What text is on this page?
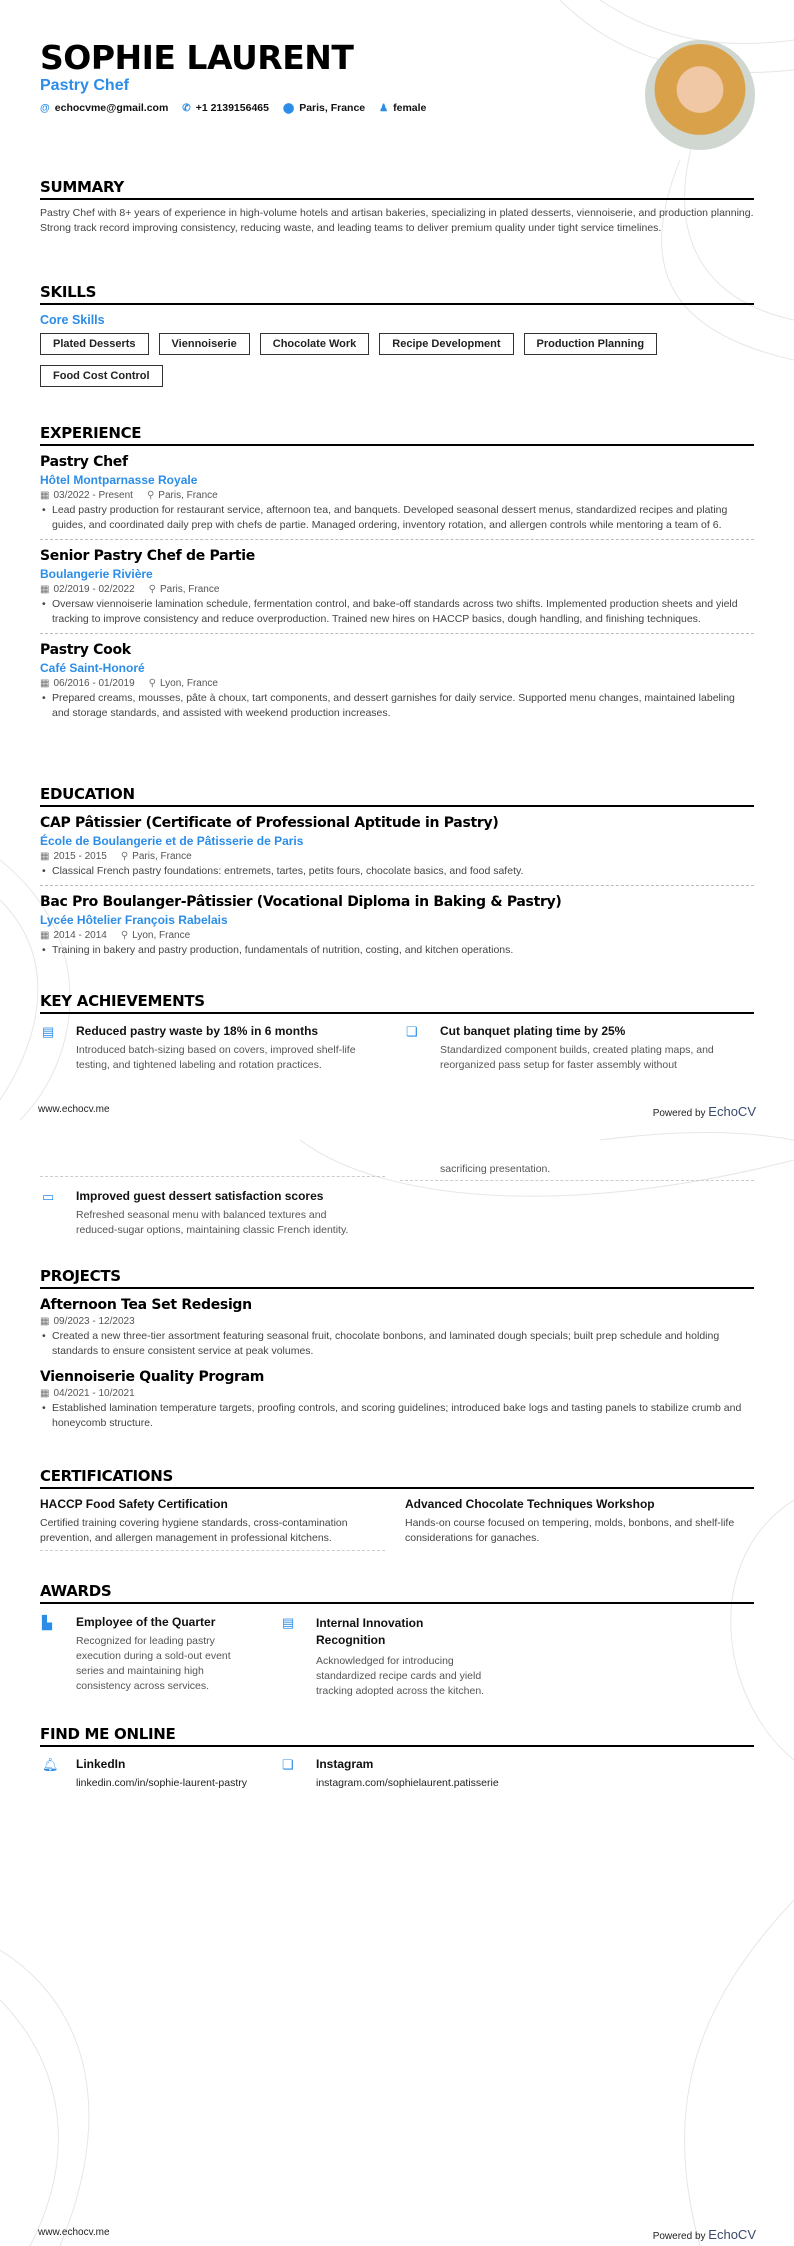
SOPHIE LAURENT
Pastry Chef
@ echocvme@gmail.com ✆ +1 2139156465 ⬤ Paris, France ♟ female
SUMMARY
Pastry Chef with 8+ years of experience in high-volume hotels and artisan bakeries, specializing in plated desserts, viennoiserie, and production planning. Strong track record improving consistency, reducing waste, and leading teams to deliver premium quality under tight service timelines.
SKILLS
Core Skills
Plated Desserts	Viennoiserie	Chocolate Work	Recipe Development	Production Planning
Food Cost Control
EXPERIENCE
Pastry Chef
Hôtel Montparnasse Royale
▦ 03/2022 - Present ⚲ Paris, France
• Lead pastry production for restaurant service, afternoon tea, and banquets. Developed seasonal dessert menus, standardized recipes and plating guides, and coordinated daily prep with chefs de partie. Managed ordering, inventory rotation, and allergen controls while mentoring a team of 6.
Senior Pastry Chef de Partie
Boulangerie Rivière
▦ 02/2019 - 02/2022 ⚲ Paris, France
• Oversaw viennoiserie lamination schedule, fermentation control, and bake-off standards across two shifts. Implemented production sheets and yield tracking to improve consistency and reduce overproduction. Trained new hires on HACCP basics, dough handling, and finishing techniques.
Pastry Cook
Café Saint-Honoré
▦ 06/2016 - 01/2019 ⚲ Lyon, France
• Prepared creams, mousses, pâte à choux, tart components, and dessert garnishes for daily service. Supported menu changes, maintained labeling and storage standards, and assisted with weekend production increases.
EDUCATION
CAP Pâtissier (Certificate of Professional Aptitude in Pastry)
École de Boulangerie et de Pâtisserie de Paris
▦ 2015 - 2015 ⚲ Paris, France
• Classical French pastry foundations: entremets, tartes, petits fours, chocolate basics, and food safety.
Bac Pro Boulanger-Pâtissier (Vocational Diploma in Baking & Pastry)
Lycée Hôtelier François Rabelais
▦ 2014 - 2014 ⚲ Lyon, France
• Training in bakery and pastry production, fundamentals of nutrition, costing, and kitchen operations.
KEY ACHIEVEMENTS
▤ Reduced pastry waste by 18% in 6 months
Introduced batch-sizing based on covers, improved shelf-life testing, and tightened labeling and rotation practices.
❏ Cut banquet plating time by 25%
Standardized component builds, created plating maps, and reorganized pass setup for faster assembly without
www.echocv.me	Powered by EchoCV
sacrificing presentation.
▭ Improved guest dessert satisfaction scores
Refreshed seasonal menu with balanced textures and reduced-sugar options, maintaining classic French identity.
PROJECTS
Afternoon Tea Set Redesign
▦ 09/2023 - 12/2023
• Created a new three-tier assortment featuring seasonal fruit, chocolate bonbons, and laminated dough specials; built prep schedule and holding standards to ensure consistent service at peak volumes.
Viennoiserie Quality Program
▦ 04/2021 - 10/2021
• Established lamination temperature targets, proofing controls, and scoring guidelines; introduced bake logs and tasting panels to stabilize crumb and honeycomb structure.
CERTIFICATIONS
HACCP Food Safety Certification
Certified training covering hygiene standards, cross-contamination prevention, and allergen management in professional kitchens.
Advanced Chocolate Techniques Workshop
Hands-on course focused on tempering, molds, bonbons, and shelf-life considerations for ganaches.
AWARDS
▙	Employee of the Quarter
Recognized for leading pastry execution during a sold-out event series and maintaining high consistency across services.
▤ Internal Innovation Recognition
Acknowledged for introducing standardized recipe cards and yield tracking adopted across the kitchen.
FIND ME ONLINE
🔔︎ LinkedIn
linkedin.com/in/sophie-laurent-pastry
❏ Instagram
instagram.com/sophielaurent.patisserie
www.echocv.me	Powered by EchoCV
